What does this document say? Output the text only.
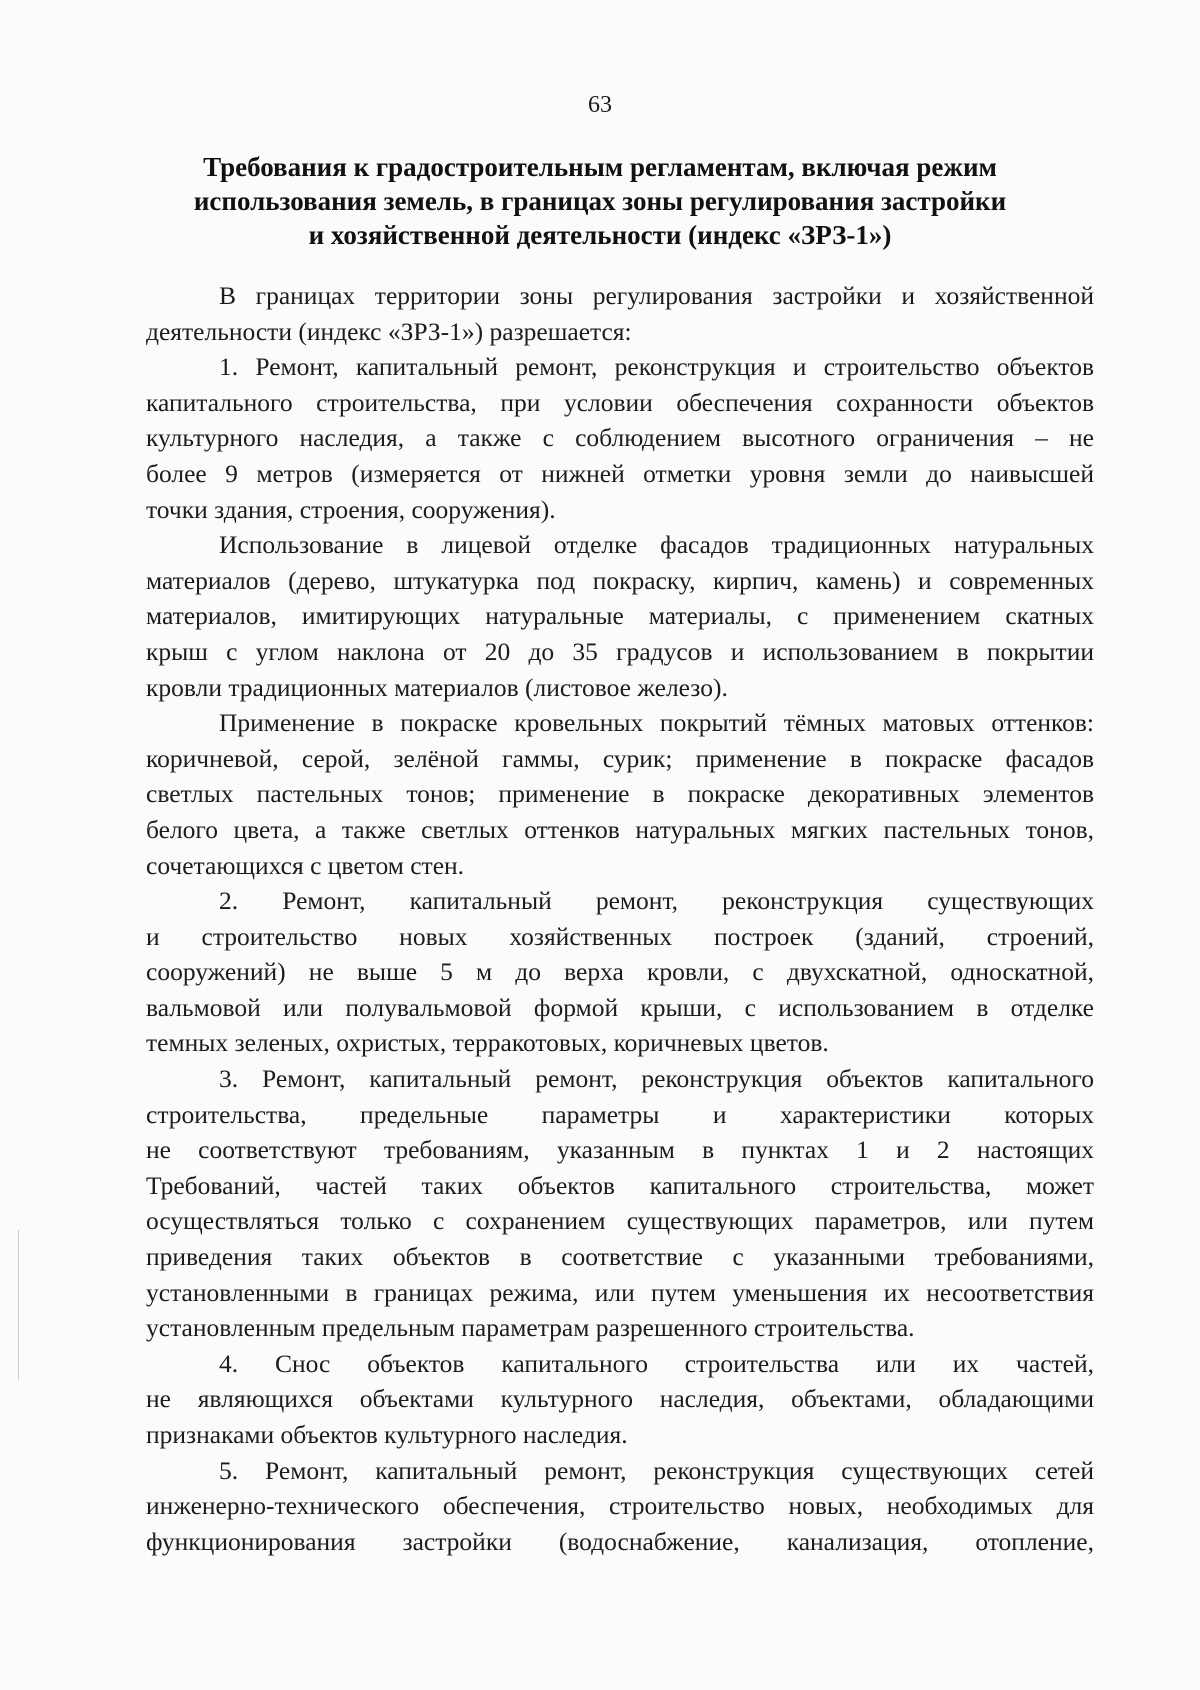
63
Требования к градостроительным регламентам, включая режим
использования земель, в границах зоны регулирования застройки
и хозяйственной деятельности (индекс «ЗРЗ-1»)
В границах территории зоны регулирования застройки и хозяйственной
деятельности (индекс «ЗРЗ-1») разрешается:
1. Ремонт, капитальный ремонт, реконструкция и строительство объектов
капитального строительства, при условии обеспечения сохранности объектов
культурного наследия, а также с соблюдением высотного ограничения – не
более 9 метров (измеряется от нижней отметки уровня земли до наивысшей
точки здания, строения, сооружения).
Использование в лицевой отделке фасадов традиционных натуральных
материалов (дерево, штукатурка под покраску, кирпич, камень) и современных
материалов, имитирующих натуральные материалы, с применением скатных
крыш с углом наклона от 20 до 35 градусов и использованием в покрытии
кровли традиционных материалов (листовое железо).
Применение в покраске кровельных покрытий тёмных матовых оттенков:
коричневой, серой, зелёной гаммы, сурик; применение в покраске фасадов
светлых пастельных тонов; применение в покраске декоративных элементов
белого цвета, а также светлых оттенков натуральных мягких пастельных тонов,
сочетающихся с цветом стен.
2. Ремонт, капитальный ремонт, реконструкция существующих
и строительство новых хозяйственных построек (зданий, строений,
сооружений) не выше 5 м до верха кровли, с двухскатной, односкатной,
вальмовой или полувальмовой формой крыши, с использованием в отделке
темных зеленых, охристых, терракотовых, коричневых цветов.
3. Ремонт, капитальный ремонт, реконструкция объектов капитального
строительства, предельные параметры и характеристики которых
не соответствуют требованиям, указанным в пунктах 1 и 2 настоящих
Требований, частей таких объектов капитального строительства, может
осуществляться только с сохранением существующих параметров, или путем
приведения таких объектов в соответствие с указанными требованиями,
установленными в границах режима, или путем уменьшения их несоответствия
установленным предельным параметрам разрешенного строительства.
4. Снос объектов капитального строительства или их частей,
не являющихся объектами культурного наследия, объектами, обладающими
признаками объектов культурного наследия.
5. Ремонт, капитальный ремонт, реконструкция существующих сетей
инженерно-технического обеспечения, строительство новых, необходимых для
функционирования застройки (водоснабжение, канализация, отопление,
